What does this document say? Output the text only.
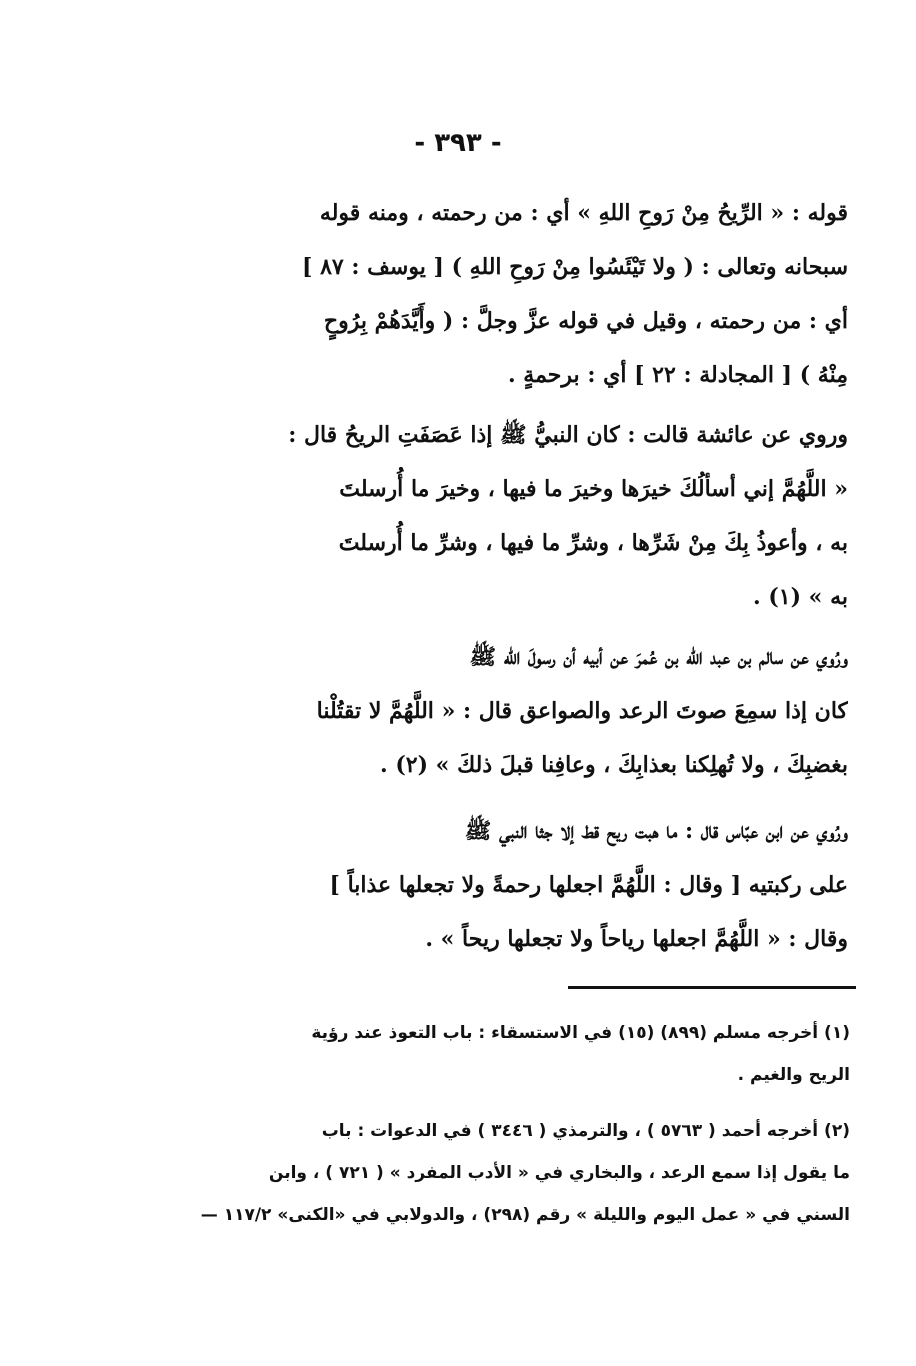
- ٣٩٣ -
قوله : « الرِّيحُ مِنْ رَوحِ اللهِ » أي : من رحمته ، ومنه قوله
سبحانه وتعالى : ( ولا تَيْئَسُوا مِنْ رَوحِ اللهِ ) [ يوسف : ٨٧ ]
أي : من رحمته ، وقيل في قوله عزَّ وجلَّ : ( وأَيَّدَهُمْ بِرُوحٍ
مِنْهُ ) [ المجادلة : ٢٢ ] أي : برحمةٍ .
وروي عن عائشة قالت : كان النبيُّ ﷺ إذا عَصَفَتِ الريحُ قال :
« اللَّهُمَّ إني أسألُكَ خيرَها وخيرَ ما فيها ، وخيرَ ما أُرسلتَ
به ، وأعوذُ بِكَ مِنْ شَرِّها ، وشرِّ ما فيها ، وشرِّ ما أُرسلتَ
به » (١) .
ورُوي عن سالم بن عبد الله بن عُمرَ عن أبيه أن رسولَ الله ﷺ
كان إذا سمِعَ صوتَ الرعد والصواعق قال : « اللَّهُمَّ لا تقتُلْنا
بغضبِكَ ، ولا تُهلِكنا بعذابِكَ ، وعافِنا قبلَ ذلكَ » (٢) .
ورُوي عن ابن عبّاس قال : ما هبت ريح قط إلا جثا النبي ﷺ
على ركبتيه [ وقال : اللَّهُمَّ اجعلها رحمةً ولا تجعلها عذاباً ]
وقال : « اللَّهُمَّ اجعلها رياحاً ولا تجعلها ريحاً » .
(١) أخرجه مسلم (٨٩٩) (١٥) في الاستسقاء : باب التعوذ عند رؤية
الريح والغيم .
(٢) أخرجه أحمد ( ٥٧٦٣ ) ، والترمذي ( ٣٤٤٦ ) في الدعوات : باب
ما يقول إذا سمع الرعد ، والبخاري في « الأدب المفرد » ( ٧٢١ ) ، وابن
السني في « عمل اليوم والليلة » رقم (٢٩٨) ، والدولابي في «الكنى» ١١٧/٢ —
